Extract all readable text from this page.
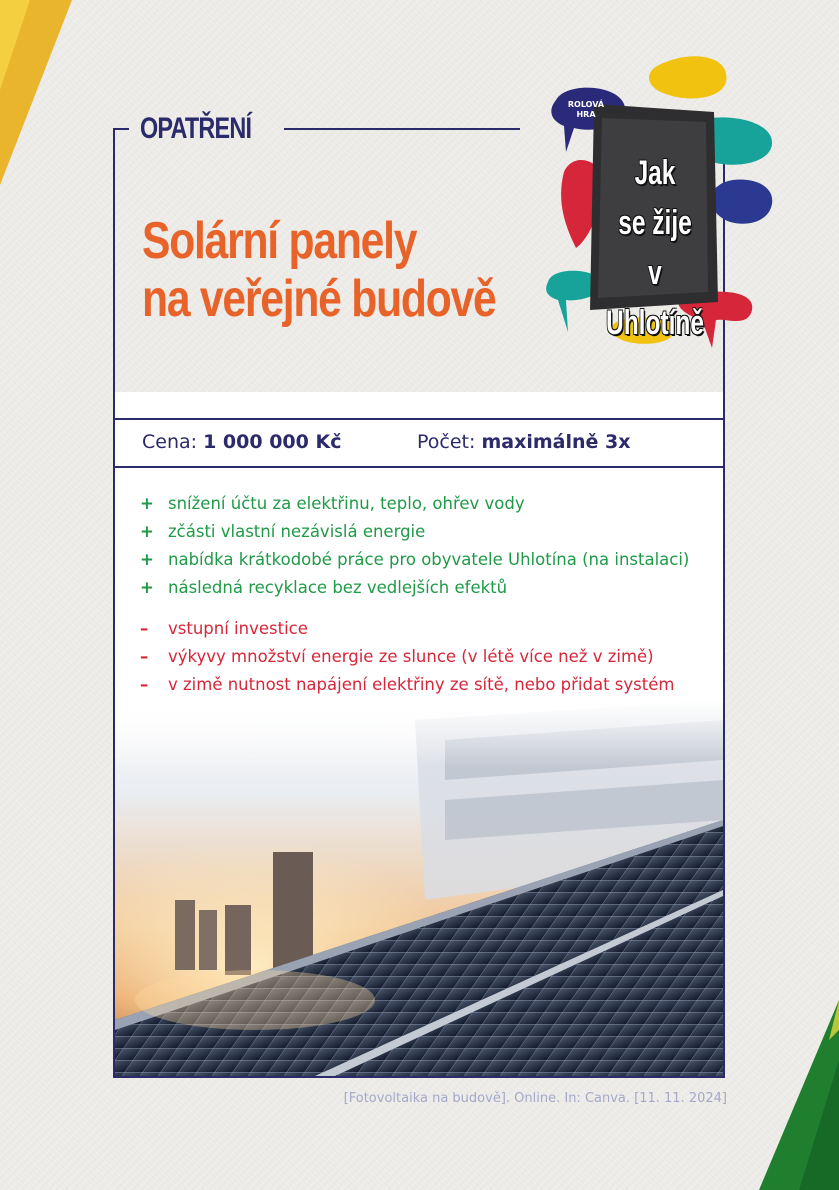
OPATŘENÍ
Solární panely
na veřejné budově
Cena: 1 000 000 Kč	Počet: maximálně 3x
+ snížení účtu za elektřinu, teplo, ohřev vody
+ zčásti vlastní nezávislá energie
+ nabídka krátkodobé práce pro obyvatele Uhlotína (na instalaci)
+ následná recyklace bez vedlejších efektů
– vstupní investice
– výkyvy množství energie ze slunce (v létě více než v zimě)
– v zimě nutnost napájení elektřiny ze sítě, nebo přidat systém
[Fotovoltaika na budově]. Online. In: Canva. [11. 11. 2024]
ROLOVÁ
HRA
Jak
se žije
v Uhlotíně
